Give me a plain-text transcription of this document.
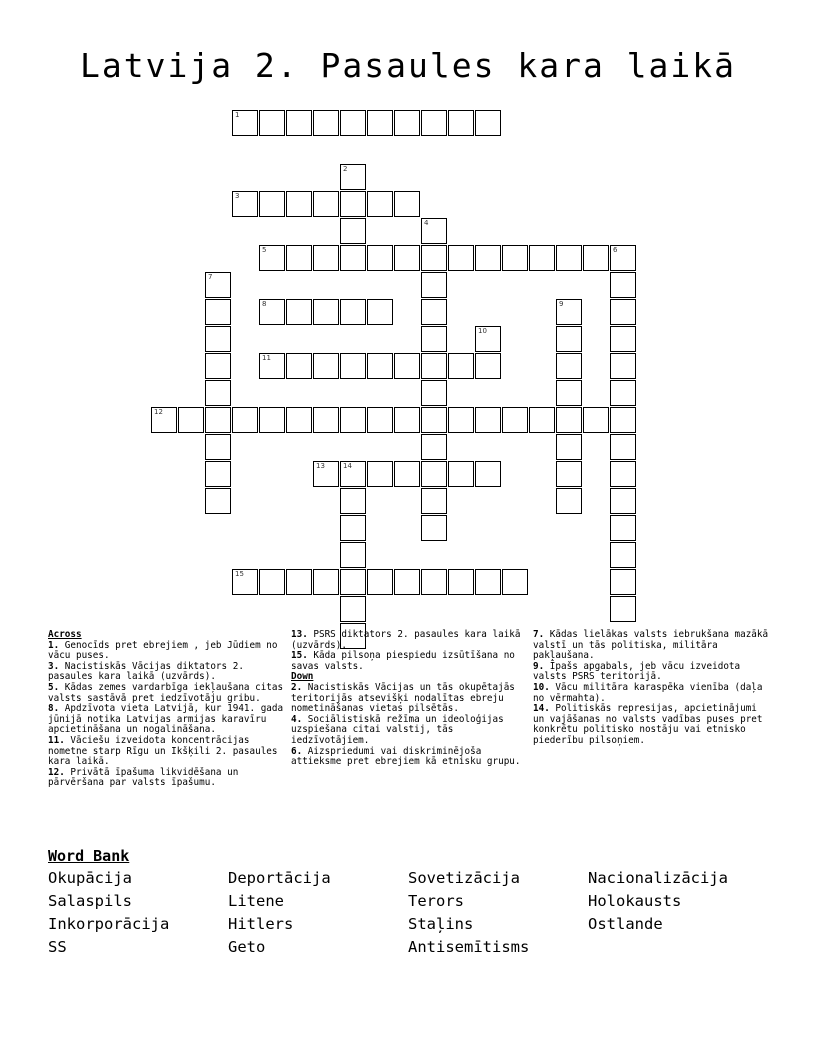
Latvija 2. Pasaules kara laikā
1
2
3
4
5	6
7
8	9
10
11
12
13	14
15

Across

1. Genocīds pret ebrejiem , jeb Jūdiem no vācu puses.

3. Nacistiskās Vācijas diktators 2. pasaules kara laikā (uzvārds).

5. Kādas zemes vardarbīga iekļaušana citas valsts sastāvā pret iedzīvotāju gribu.

8. Apdzīvota vieta Latvijā, kur 1941. gada jūnijā notika Latvijas armijas karavīru apcietināšana un nogalināšana.

11. Vāciešu izveidota koncentrācijas nometne starp Rīgu un Ikšķili 2. pasaules kara laikā.

12. Privātā īpašuma likvidēšana un pārvēršana par valsts īpašumu.

13. PSRS diktators 2. pasaules kara laikā (uzvārds).

15. Kāda pilsoņa piespiedu izsūtīšana no savas valsts.

Down

2. Nacistiskās Vācijas un tās okupētajās teritorijās atsevišķi nodalītas ebreju nometināšanas vietas pilsētās.

4. Sociālistiskā režīma un ideoloģijas uzspiešana citai valstij, tās iedzīvotājiem.

6. Aizspriedumi vai diskriminējoša attieksme pret ebrejiem kā etnisku grupu.

7. Kādas lielākas valsts iebrukšana mazākā valstī un tās politiska, militāra pakļaušana.

9. Īpašs apgabals, jeb vācu izveidota valsts PSRS teritorijā.

10. Vācu militāra karaspēka vienība (daļa no vērmahta).

14. Politiskās represijas, apcietinājumi un vajāšanas no valsts vadības puses pret konkrētu politisko nostāju vai etnisko piederību pilsoņiem.

Word Bank
Okupācija	Deportācija	Sovetizācija	Nacionalizācija
Salaspils	Litene	Terors	Holokausts
Inkorporācija	Hitlers	Staļins	Ostlande
SS	Geto	Antisemītisms
